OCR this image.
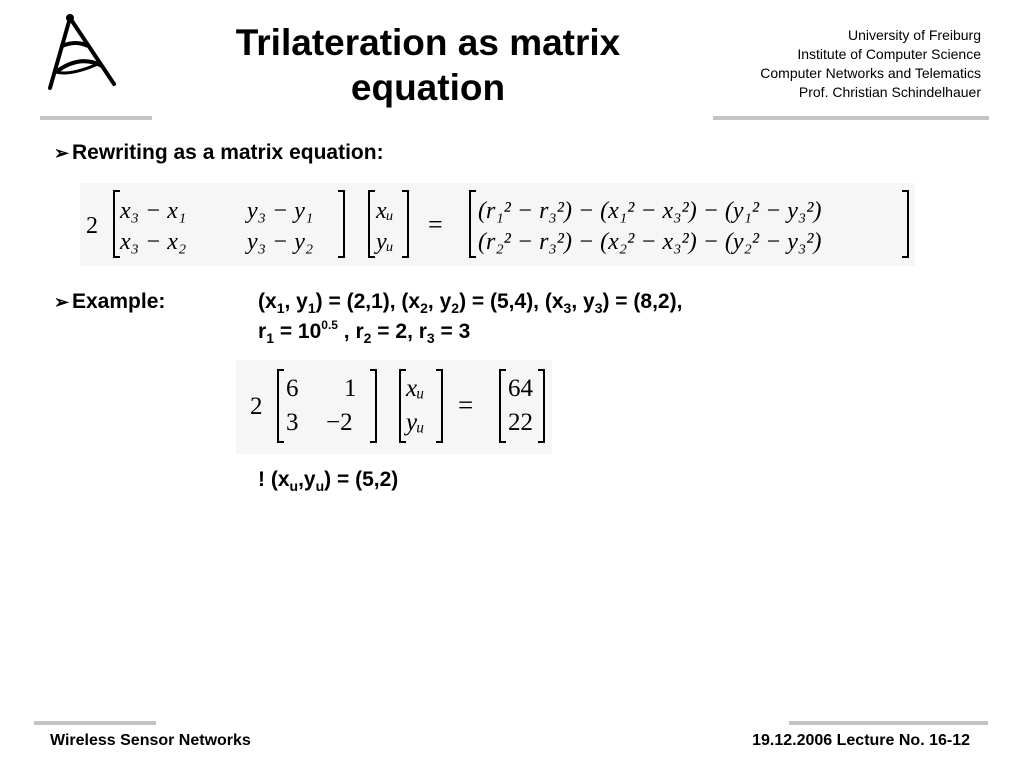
Trilateration as matrix
equation
University of Freiburg
Institute of Computer Science
Computer Networks and Telematics
Prof. Christian Schindelhauer
➢ Rewriting as a matrix equation:
2
x₃ − x₁	y₃ − y₁
x₃ − x₂	y₃ − y₂
xᵤ
yᵤ
= (r₁² − r₃²) − (x₁² − x₃²) − (y₁² − y₃²)
(r₂² − r₃²) − (x₂² − x₃²) − (y₂² − y₃²)
➢ Example:	($x_1$, $y_1) = (2,1)$, ($x_2$, $y_2) = (5,4)$, ($x_3$, $y_3) = (8,2)$,
$r_1 = 10^{0.5}$ , $r_2 = 2$, $r_3 = 3$
2
6 1
3 −2
xᵤ
yᵤ
=
64
22
! $(x_u,y_u) = (5,2)$
Wireless Sensor Networks	19.12.2006 Lecture No. 16-12
